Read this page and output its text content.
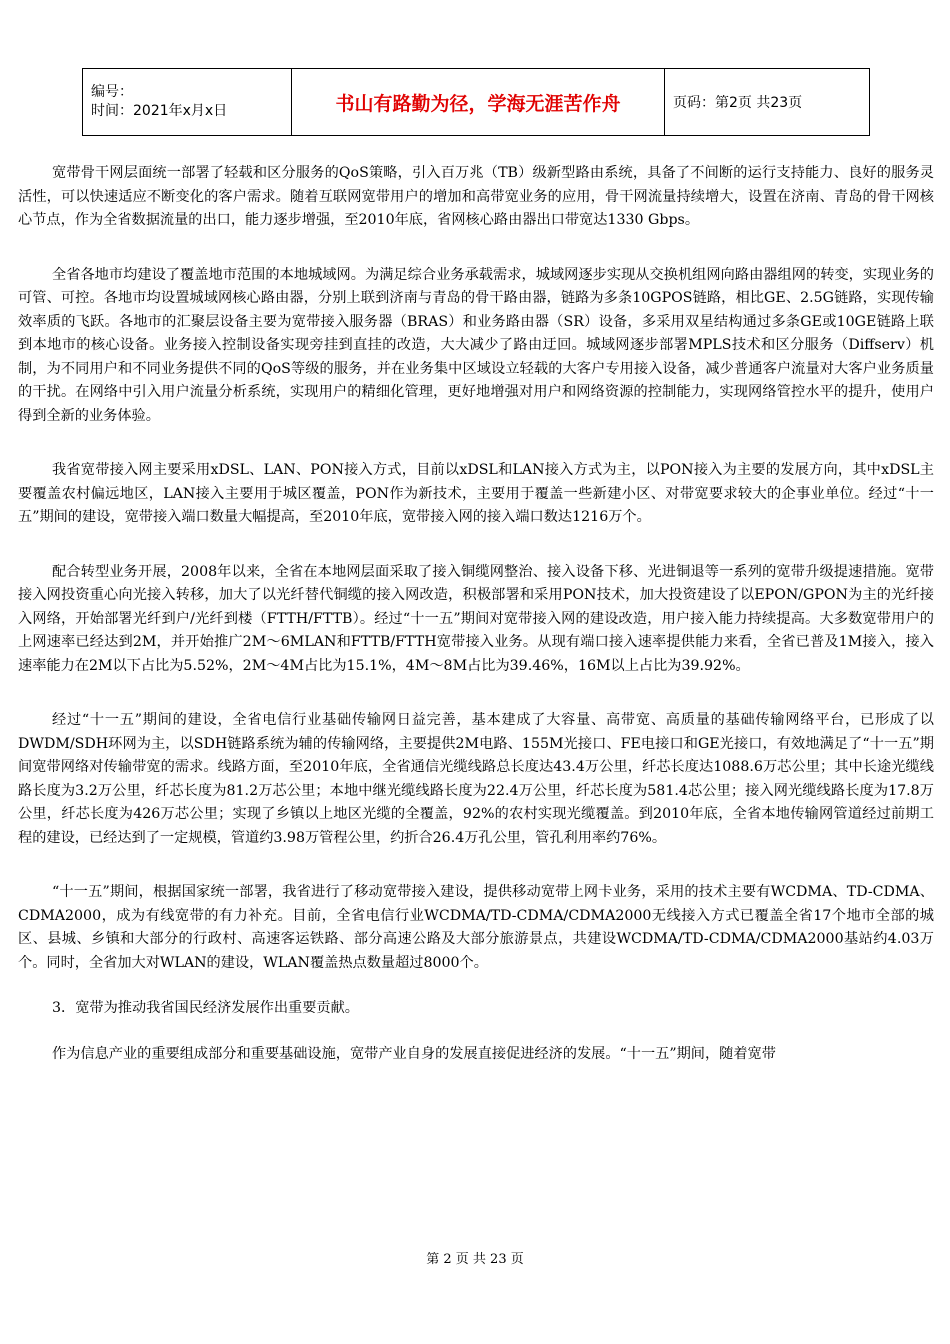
编号：
时间：2021年x月x日	书山有路勤为径，学海无涯苦作舟	页码：第2页 共23页

宽带骨干网层面统一部署了轻载和区分服务的QoS策略，引入百万兆（TB）级新型路由系统，具备了不间断的运行支持能力、良好的服务灵活性，可以快速适应不断变化的客户需求。随着互联网宽带用户的增加和高带宽业务的应用，骨干网流量持续增大，设置在济南、青岛的骨干网核心节点，作为全省数据流量的出口，能力逐步增强，至2010年底，省网核心路由器出口带宽达1330 Gbps。

全省各地市均建设了覆盖地市范围的本地城域网。为满足综合业务承载需求，城域网逐步实现从交换机组网向路由器组网的转变，实现业务的可管、可控。各地市均设置城域网核心路由器，分别上联到济南与青岛的骨干路由器，链路为多条10GPOS链路，相比GE、2.5G链路，实现传输效率质的飞跃。各地市的汇聚层设备主要为宽带接入服务器（BRAS）和业务路由器（SR）设备，多采用双星结构通过多条GE或10GE链路上联到本地市的核心设备。业务接入控制设备实现旁挂到直挂的改造，大大减少了路由迂回。城域网逐步部署MPLS技术和区分服务（Diffserv）机制，为不同用户和不同业务提供不同的QoS等级的服务，并在业务集中区域设立轻载的大客户专用接入设备，减少普通客户流量对大客户业务质量的干扰。在网络中引入用户流量分析系统，实现用户的精细化管理，更好地增强对用户和网络资源的控制能力，实现网络管控水平的提升，使用户得到全新的业务体验。

我省宽带接入网主要采用xDSL、LAN、PON接入方式，目前以xDSL和LAN接入方式为主，以PON接入为主要的发展方向，其中xDSL主要覆盖农村偏远地区，LAN接入主要用于城区覆盖，PON作为新技术，主要用于覆盖一些新建小区、对带宽要求较大的企事业单位。经过“十一五”期间的建设，宽带接入端口数量大幅提高，至2010年底，宽带接入网的接入端口数达1216万个。

配合转型业务开展，2008年以来，全省在本地网层面采取了接入铜缆网整治、接入设备下移、光进铜退等一系列的宽带升级提速措施。宽带接入网投资重心向光接入转移，加大了以光纤替代铜缆的接入网改造，积极部署和采用PON技术，加大投资建设了以EPON/GPON为主的光纤接入网络，开始部署光纤到户/光纤到楼（FTTH/FTTB）。经过“十一五”期间对宽带接入网的建设改造，用户接入能力持续提高。大多数宽带用户的上网速率已经达到2M，并开始推广2M～6MLAN和FTTB/FTTH宽带接入业务。从现有端口接入速率提供能力来看，全省已普及1M接入，接入速率能力在2M以下占比为5.52%，2M～4M占比为15.1%，4M～8M占比为39.46%，16M以上占比为39.92%。

经过“十一五”期间的建设，全省电信行业基础传输网日益完善，基本建成了大容量、高带宽、高质量的基础传输网络平台，已形成了以DWDM/SDH环网为主，以SDH链路系统为辅的传输网络，主要提供2M电路、155M光接口、FE电接口和GE光接口，有效地满足了“十一五”期间宽带网络对传输带宽的需求。线路方面，至2010年底，全省通信光缆线路总长度达43.4万公里，纤芯长度达1088.6万芯公里；其中长途光缆线路长度为3.2万公里，纤芯长度为81.2万芯公里；本地中继光缆线路长度为22.4万公里，纤芯长度为581.4芯公里；接入网光缆线路长度为17.8万公里，纤芯长度为426万芯公里；实现了乡镇以上地区光缆的全覆盖，92%的农村实现光缆覆盖。到2010年底，全省本地传输网管道经过前期工程的建设，已经达到了一定规模，管道约3.98万管程公里，约折合26.4万孔公里，管孔利用率约76%。

“十一五”期间，根据国家统一部署，我省进行了移动宽带接入建设，提供移动宽带上网卡业务，采用的技术主要有WCDMA、TD-CDMA、CDMA2000，成为有线宽带的有力补充。目前，全省电信行业WCDMA/TD-CDMA/CDMA2000无线接入方式已覆盖全省17个地市全部的城区、县城、乡镇和大部分的行政村、高速客运铁路、部分高速公路及大部分旅游景点，共建设WCDMA/TD-CDMA/CDMA2000基站约4.03万个。同时，全省加大对WLAN的建设，WLAN覆盖热点数量超过8000个。

3．宽带为推动我省国民经济发展作出重要贡献。

作为信息产业的重要组成部分和重要基础设施，宽带产业自身的发展直接促进经济的发展。“十一五”期间，随着宽带

第 2 页 共 23 页
